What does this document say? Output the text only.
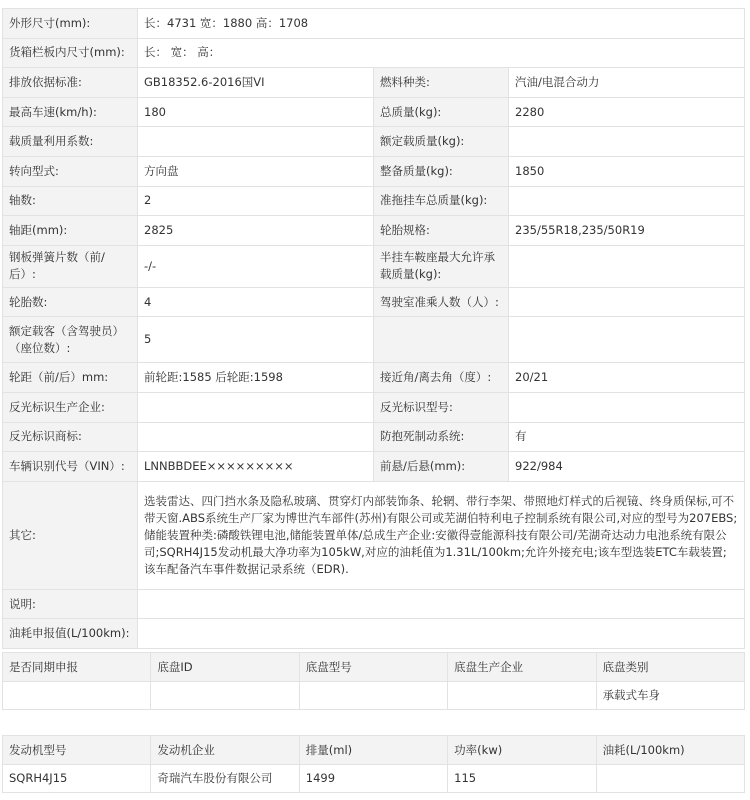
外形尺寸(mm):	长：4731 宽：1880 高：1708		
货箱栏板内尺寸(mm):	长： 宽： 高：		
排放依据标准:	GB18352.6-2016国VI	燃料种类:	汽油/电混合动力
最高车速(km/h):	180	总质量(kg):	2280
载质量利用系数:		额定载质量(kg):	
转向型式:	方向盘	整备质量(kg):	1850
轴数:	2	准拖挂车总质量(kg):	
轴距(mm):	2825	轮胎规格:	235/55R18,235/50R19
钢板弹簧片数（前/后）:	-/-	半挂车鞍座最大允许承载质量(kg):	
轮胎数:	4	驾驶室准乘人数（人）:	
额定载客（含驾驶员）（座位数）:	5		
轮距（前/后）mm:	前轮距:1585 后轮距:1598	接近角/离去角（度）:	20/21
反光标识生产企业:		反光标识型号:	
反光标识商标:		防抱死制动系统:	有
车辆识别代号（VIN）:	LNNBBDEE×××××××××	前悬/后悬(mm):	922/984
其它:	选装雷达、四门挡水条及隐私玻璃、贯穿灯内部装饰条、轮辋、带行李架、带照地灯样式的后视镜、终身质保标,可不带天窗.ABS系统生产厂家为博世汽车部件(苏州)有限公司或芜湖伯特利电子控制系统有限公司,对应的型号为207EBS;储能装置种类:磷酸铁锂电池,储能装置单体/总成生产企业:安徽得壹能源科技有限公司/芜湖奇达动力电池系统有限公司;SQRH4J15发动机最大净功率为105kW,对应的油耗值为1.31L/100km;允许外接充电;该车型选装ETC车载装置;该车配备汽车事件数据记录系统（EDR).		
说明:			
油耗申报值(L/100km):			
是否同期申报	底盘ID	底盘型号	底盘生产企业	底盘类别
				承载式车身
发动机型号	发动机企业	排量(ml)	功率(kw)	油耗(L/100km)
SQRH4J15	奇瑞汽车股份有限公司	1499	115	
